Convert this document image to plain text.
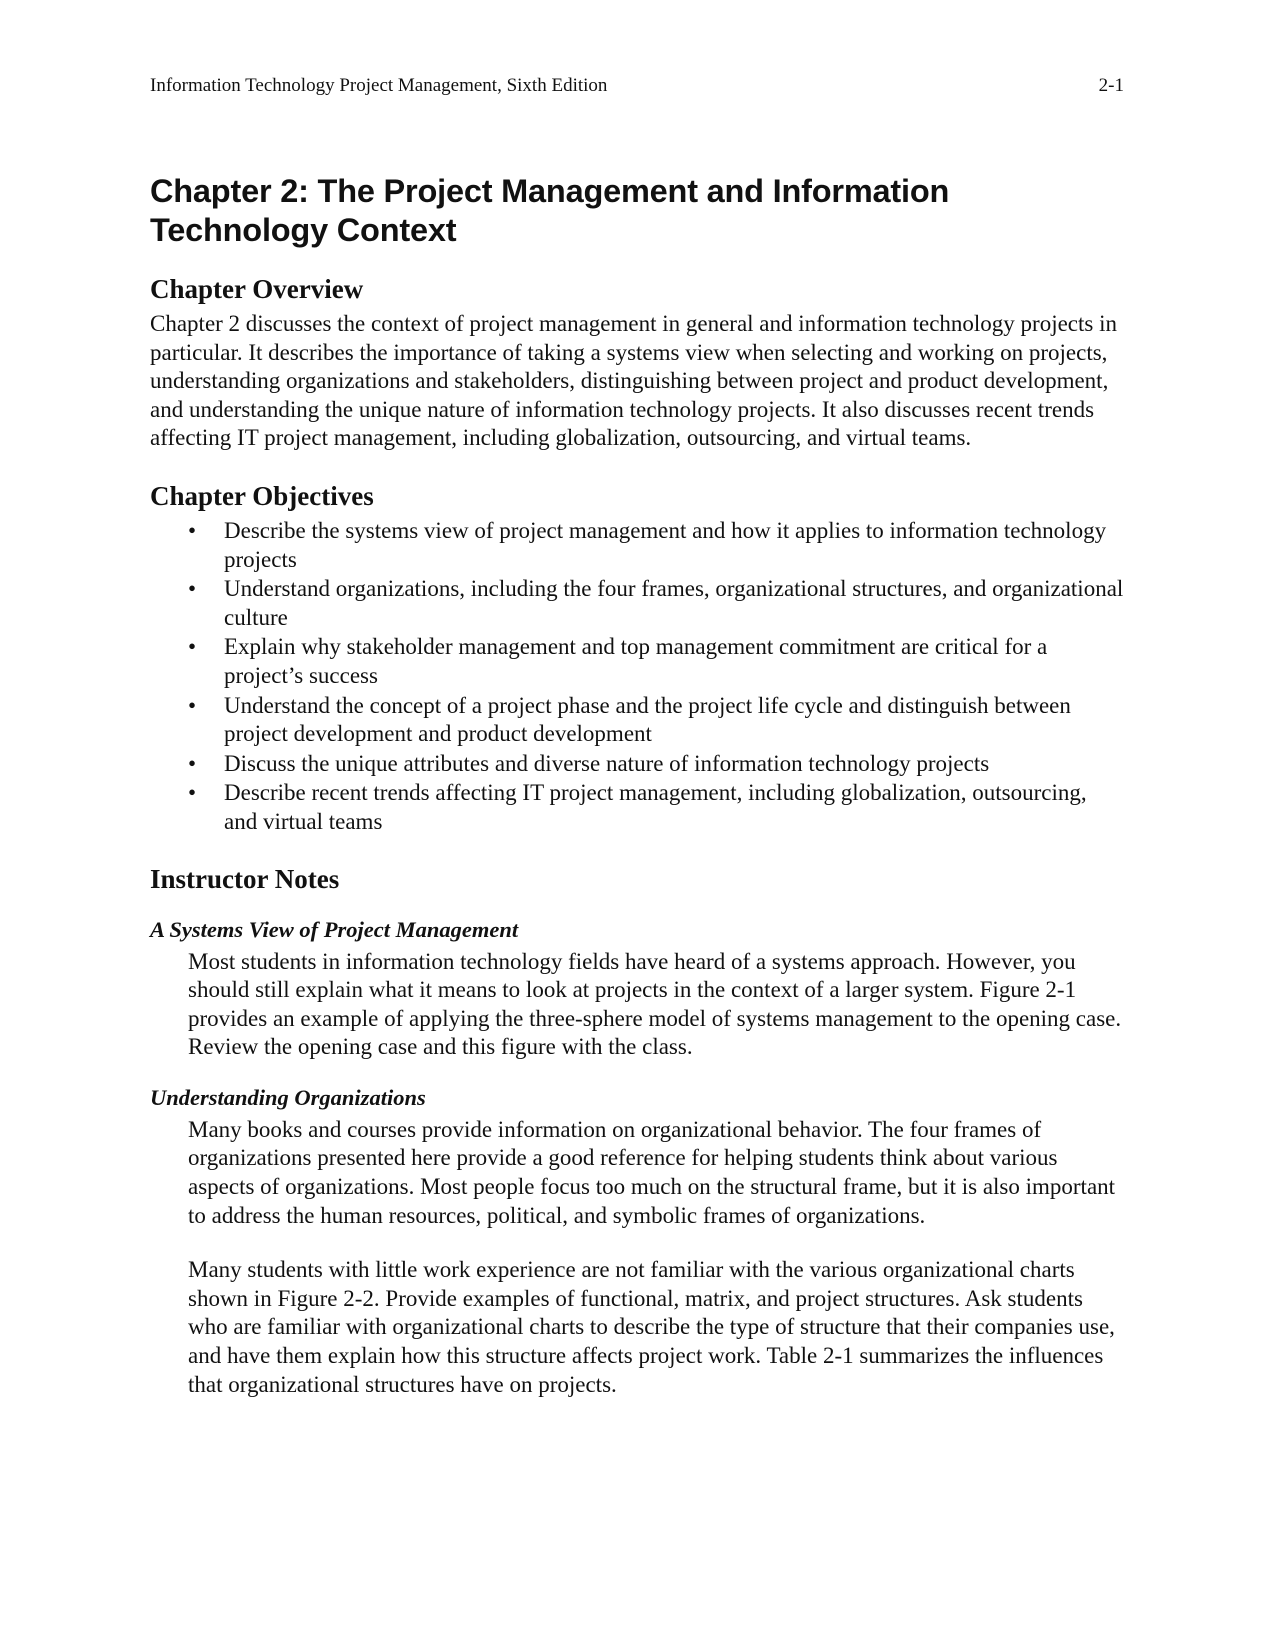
Information Technology Project Management, Sixth Edition	2-1
Chapter 2: The Project Management and Information Technology Context
Chapter Overview

Chapter 2 discusses the context of project management in general and information technology projects in particular. It describes the importance of taking a systems view when selecting and working on projects, understanding organizations and stakeholders, distinguishing between project and product development, and understanding the unique nature of information technology projects. It also discusses recent trends affecting IT project management, including globalization, outsourcing, and virtual teams.

Chapter Objectives
• Describe the systems view of project management and how it applies to information technology projects
• Understand organizations, including the four frames, organizational structures, and organizational culture
• Explain why stakeholder management and top management commitment are critical for a project’s success
• Understand the concept of a project phase and the project life cycle and distinguish between project development and product development
• Discuss the unique attributes and diverse nature of information technology projects
• Describe recent trends affecting IT project management, including globalization, outsourcing, and virtual teams
Instructor Notes
A Systems View of Project Management

Most students in information technology fields have heard of a systems approach. However, you should still explain what it means to look at projects in the context of a larger system. Figure 2-1 provides an example of applying the three-sphere model of systems management to the opening case. Review the opening case and this figure with the class.

Understanding Organizations

Many books and courses provide information on organizational behavior. The four frames of organizations presented here provide a good reference for helping students think about various aspects of organizations. Most people focus too much on the structural frame, but it is also important to address the human resources, political, and symbolic frames of organizations.

Many students with little work experience are not familiar with the various organizational charts shown in Figure 2-2. Provide examples of functional, matrix, and project structures. Ask students who are familiar with organizational charts to describe the type of structure that their companies use, and have them explain how this structure affects project work. Table 2-1 summarizes the influences that organizational structures have on projects.
